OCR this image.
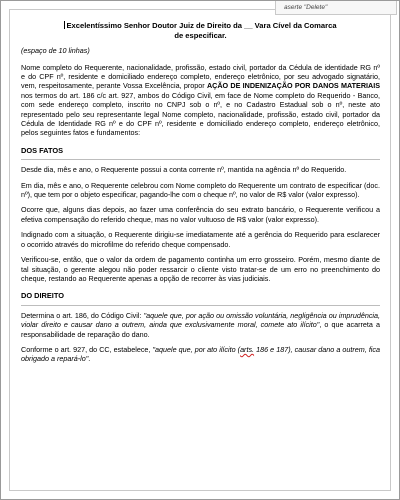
aserte "Delete"
Excelentíssimo Senhor Doutor Juiz de Direito da __ Vara Cível da Comarca
de especificar.

(espaço de 10 linhas)

Nome completo do Requerente, nacionalidade, profissão, estado civil, portador da Cédula de identidade RG nº e do CPF nº, residente e domiciliado endereço completo, endereço eletrônico, por seu advogado signatário, vem, respeitosamente, perante Vossa Excelência, propor AÇÃO DE INDENIZAÇÃO POR DANOS MATERIAIS nos termos do art. 186 c/c art. 927, ambos do Código Civil, em face de Nome completo do Requerido - Banco, com sede endereço completo, inscrito no CNPJ sob o nº, e no Cadastro Estadual sob o nº, neste ato representado pelo seu representante legal Nome completo, nacionalidade, profissão, estado civil, portador da Cédula de Identidade RG nº e do CPF nº, residente e domiciliado endereço completo, endereço eletrônico, pelos seguintes fatos e fundamentos:

DOS FATOS

Desde dia, mês e ano, o Requerente possui a conta corrente nº, mantida na agência nº do Requerido.

Em dia, mês e ano, o Requerente celebrou com Nome completo do Requerente um contrato de especificar (doc. nº), que tem por o objeto especificar, pagando-lhe com o cheque nº, no valor de R$ valor (valor expresso).

Ocorre que, alguns dias depois, ao fazer uma conferência do seu extrato bancário, o Requerente verificou a efetiva compensação do referido cheque, mas no valor vultuoso de R$ valor (valor expresso).

Indignado com a situação, o Requerente dirigiu-se imediatamente até a gerência do Requerido para esclarecer o ocorrido através do microfilme do referido cheque compensado.

Verificou-se, então, que o valor da ordem de pagamento continha um erro grosseiro. Porém, mesmo diante de tal situação, o gerente alegou não poder ressarcir o cliente visto tratar-se de um erro no preenchimento do cheque, restando ao Requerente apenas a opção de recorrer às vias judiciais.

DO DIREITO

Determina o art. 186, do Código Civil: "aquele que, por ação ou omissão voluntária, negligência ou imprudência, violar direito e causar dano a outrem, ainda que exclusivamente moral, comete ato ilícito", o que acarreta a responsabilidade de reparação do dano.

Conforme o art. 927, do CC, estabelece, "aquele que, por ato ilícito (arts. 186 e 187), causar dano a outrem, fica obrigado a repará-lo".
